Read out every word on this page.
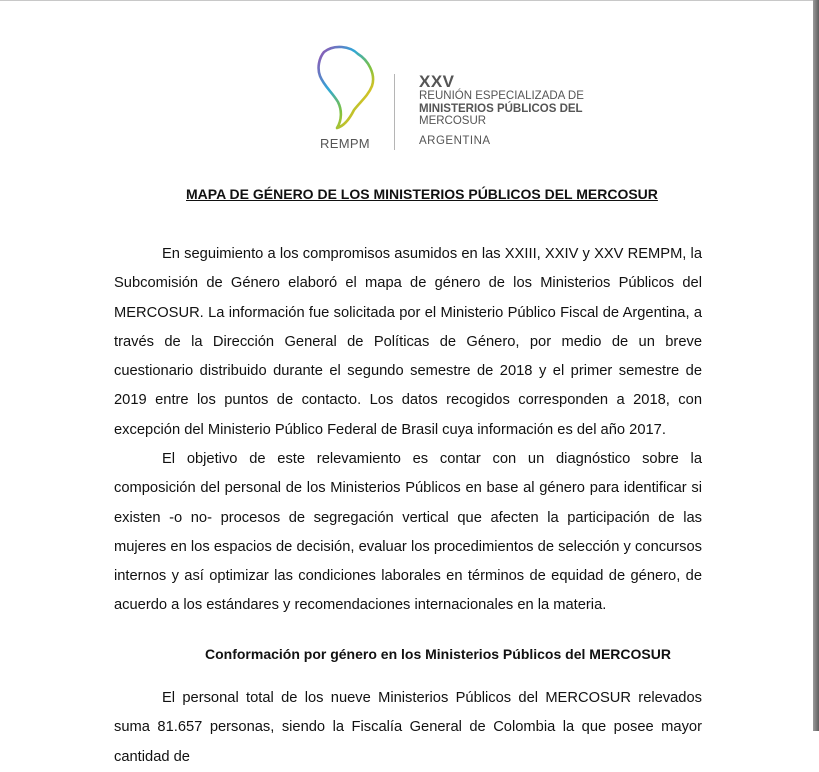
REMPM
XXV
REUNIÓN ESPECIALIZADA DE
MINISTERIOS PÚBLICOS DEL
MERCOSUR
ARGENTINA
MAPA DE GÉNERO DE LOS MINISTERIOS PÚBLICOS DEL MERCOSUR

En seguimiento a los compromisos asumidos en las XXIII, XXIV y XXV REMPM, la Subcomisión de Género elaboró el mapa de género de los Ministerios Públicos del MERCOSUR. La información fue solicitada por el Ministerio Público Fiscal de Argentina, a través de la Dirección General de Políticas de Género, por medio de un breve cuestionario distribuido durante el segundo semestre de 2018 y el primer semestre de 2019 entre los puntos de contacto. Los datos recogidos corresponden a 2018, con excepción del Ministerio Público Federal de Brasil cuya información es del año 2017.

El objetivo de este relevamiento es contar con un diagnóstico sobre la composición del personal de los Ministerios Públicos en base al género para identificar si existen -o no- procesos de segregación vertical que afecten la participación de las mujeres en los espacios de decisión, evaluar los procedimientos de selección y concursos internos y así optimizar las condiciones laborales en términos de equidad de género, de acuerdo a los estándares y recomendaciones internacionales en la materia.

Conformación por género en los Ministerios Públicos del MERCOSUR

El personal total de los nueve Ministerios Públicos del MERCOSUR relevados suma 81.657 personas, siendo la Fiscalía General de Colombia la que posee mayor cantidad de
